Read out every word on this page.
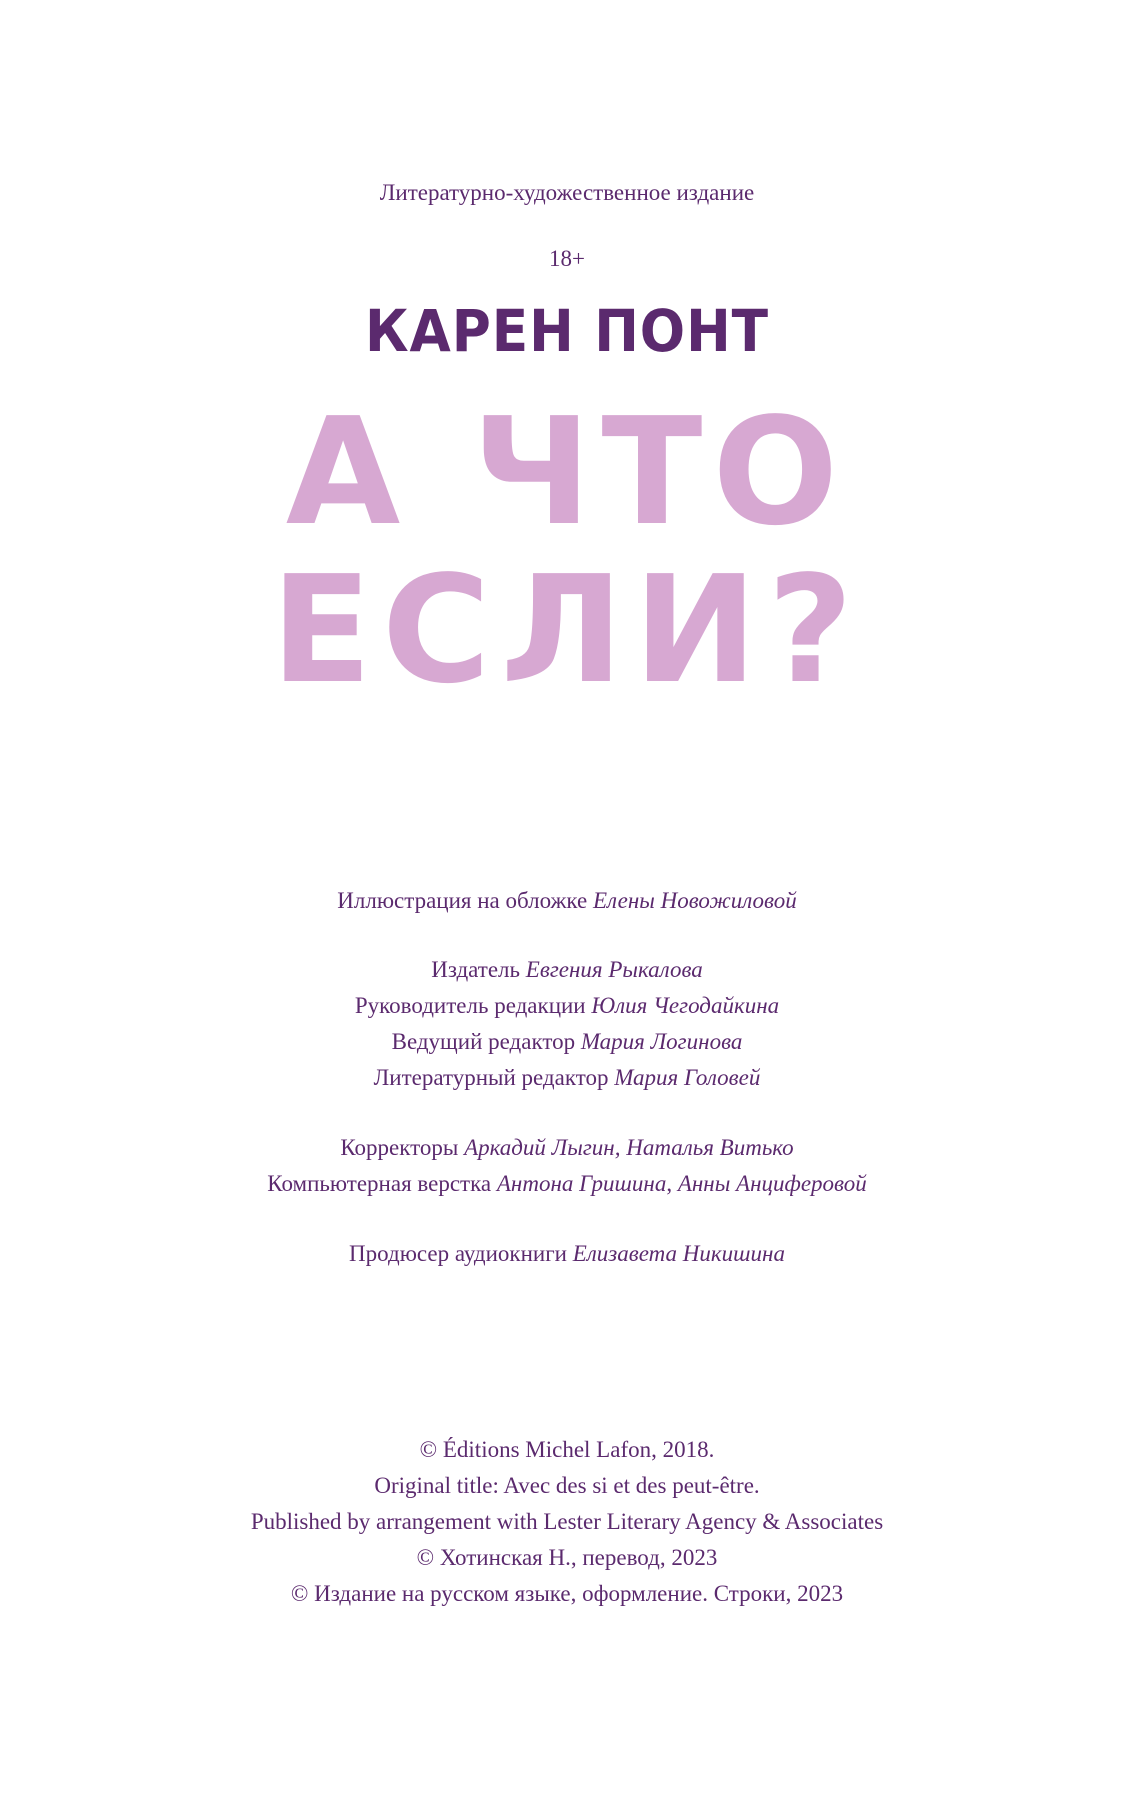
Литературно-художественное издание
18+
КАРЕН ПОНТ
А ЧТО
ЕСЛИ?
Иллюстрация на обложке Елены Новожиловой
Издатель Евгения Рыкалова
Руководитель редакции Юлия Чегодайкина
Ведущий редактор Мария Логинова
Литературный редактор Мария Головей
Корректоры Аркадий Лыгин, Наталья Витько
Компьютерная верстка Антона Гришина, Анны Анциферовой
Продюсер аудиокниги Елизавета Никишина
© Éditions Michel Lafon, 2018.
Original title: Avec des si et des peut-être.
Published by arrangement with Lester Literary Agency & Associates
© Хотинская Н., перевод, 2023
© Издание на русском языке, оформление. Строки, 2023
